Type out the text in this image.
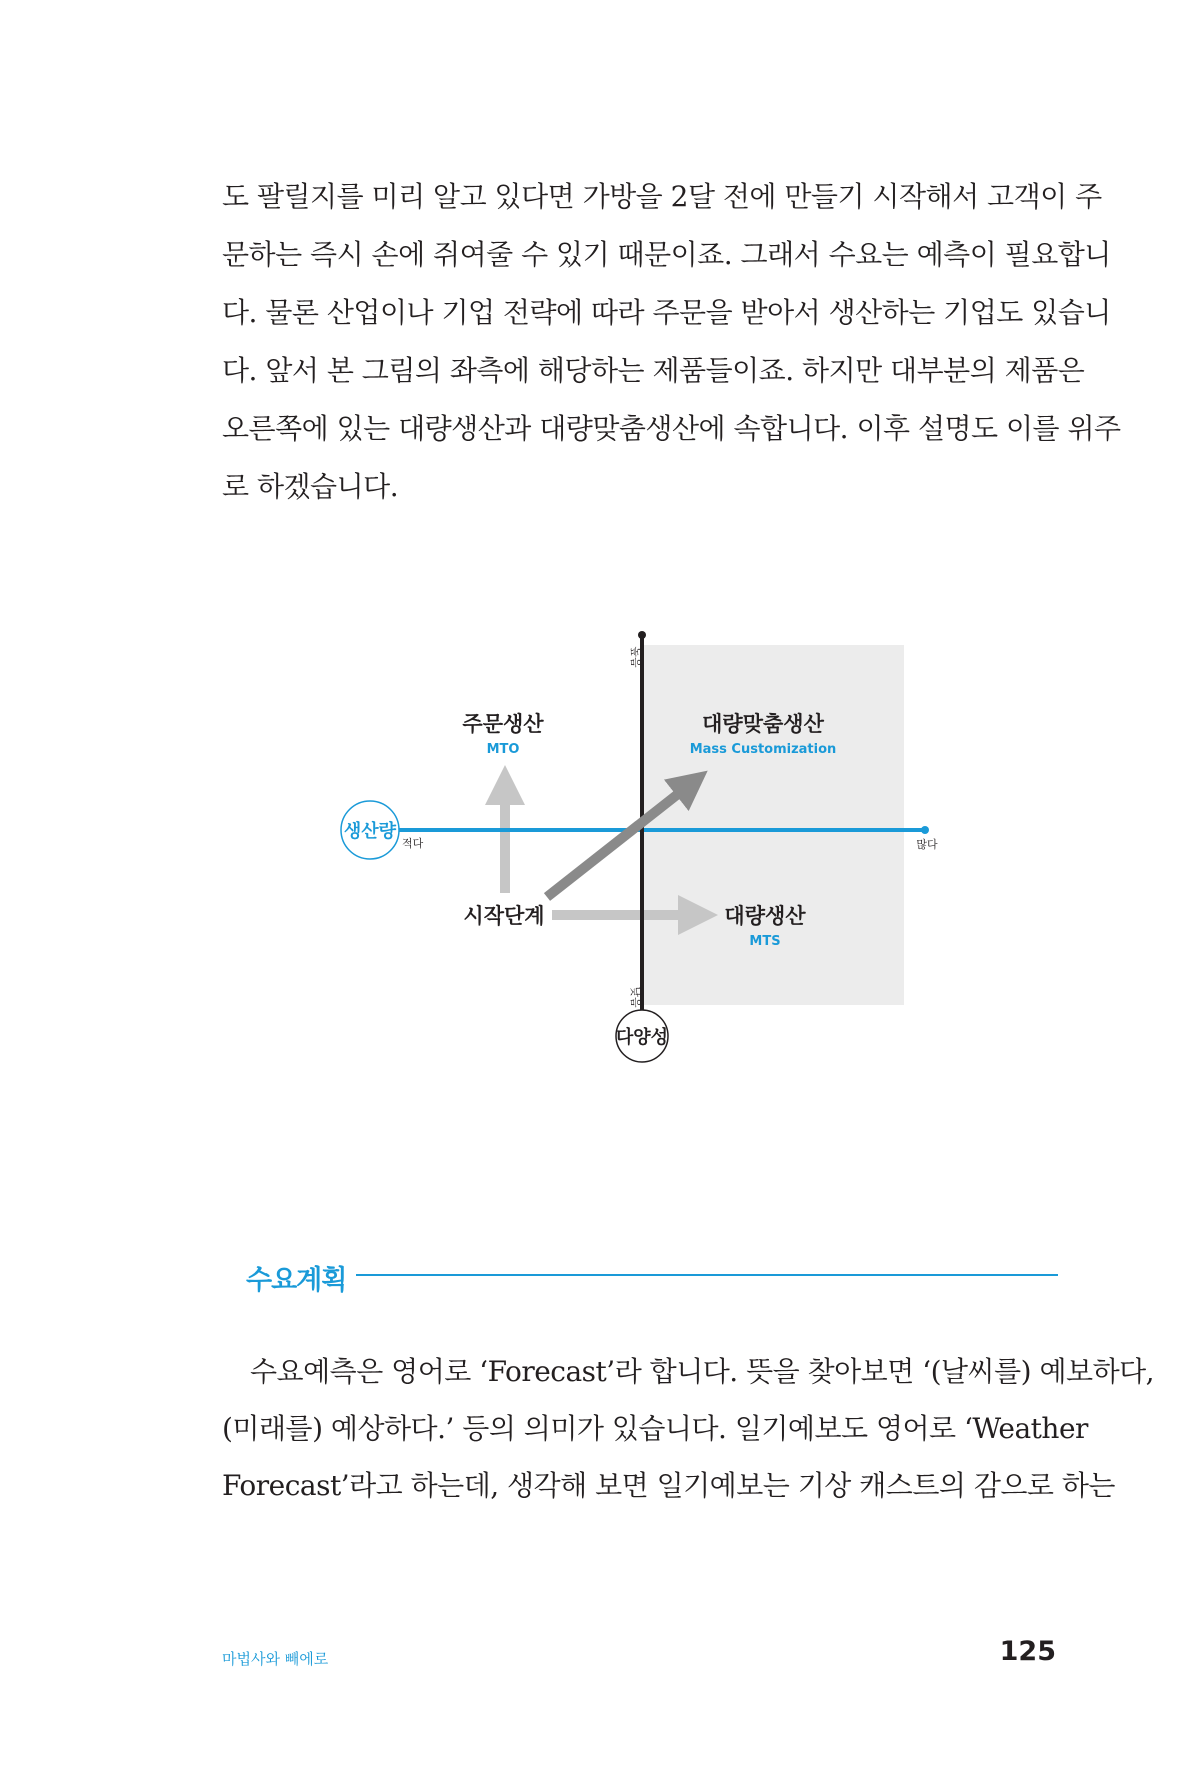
도 팔릴지를 미리 알고 있다면 가방을 2달 전에 만들기 시작해서 고객이 주
문하는 즉시 손에 쥐여줄 수 있기 때문이죠. 그래서 수요는 예측이 필요합니
다. 물론 산업이나 기업 전략에 따라 주문을 받아서 생산하는 기업도 있습니
다. 앞서 본 그림의 좌측에 해당하는 제품들이죠. 하지만 대부분의 제품은
오른쪽에 있는 대량생산과 대량맞춤생산에 속합니다. 이후 설명도 이를 위주
로 하겠습니다.
생산량
적다	많다
높음
낮음
다양성
주문생산
MTO
대량맞춤생산
Mass Customization
대량생산
MTS
시작단계
수요계획
수요예측은 영어로 ‘Forecast’라 합니다. 뜻을 찾아보면 ‘(날씨를) 예보하다,
(미래를) 예상하다.’ 등의 의미가 있습니다. 일기예보도 영어로 ‘Weather
Forecast’라고 하는데, 생각해 보면 일기예보는 기상 캐스트의 감으로 하는
마법사와 빼에로	125
